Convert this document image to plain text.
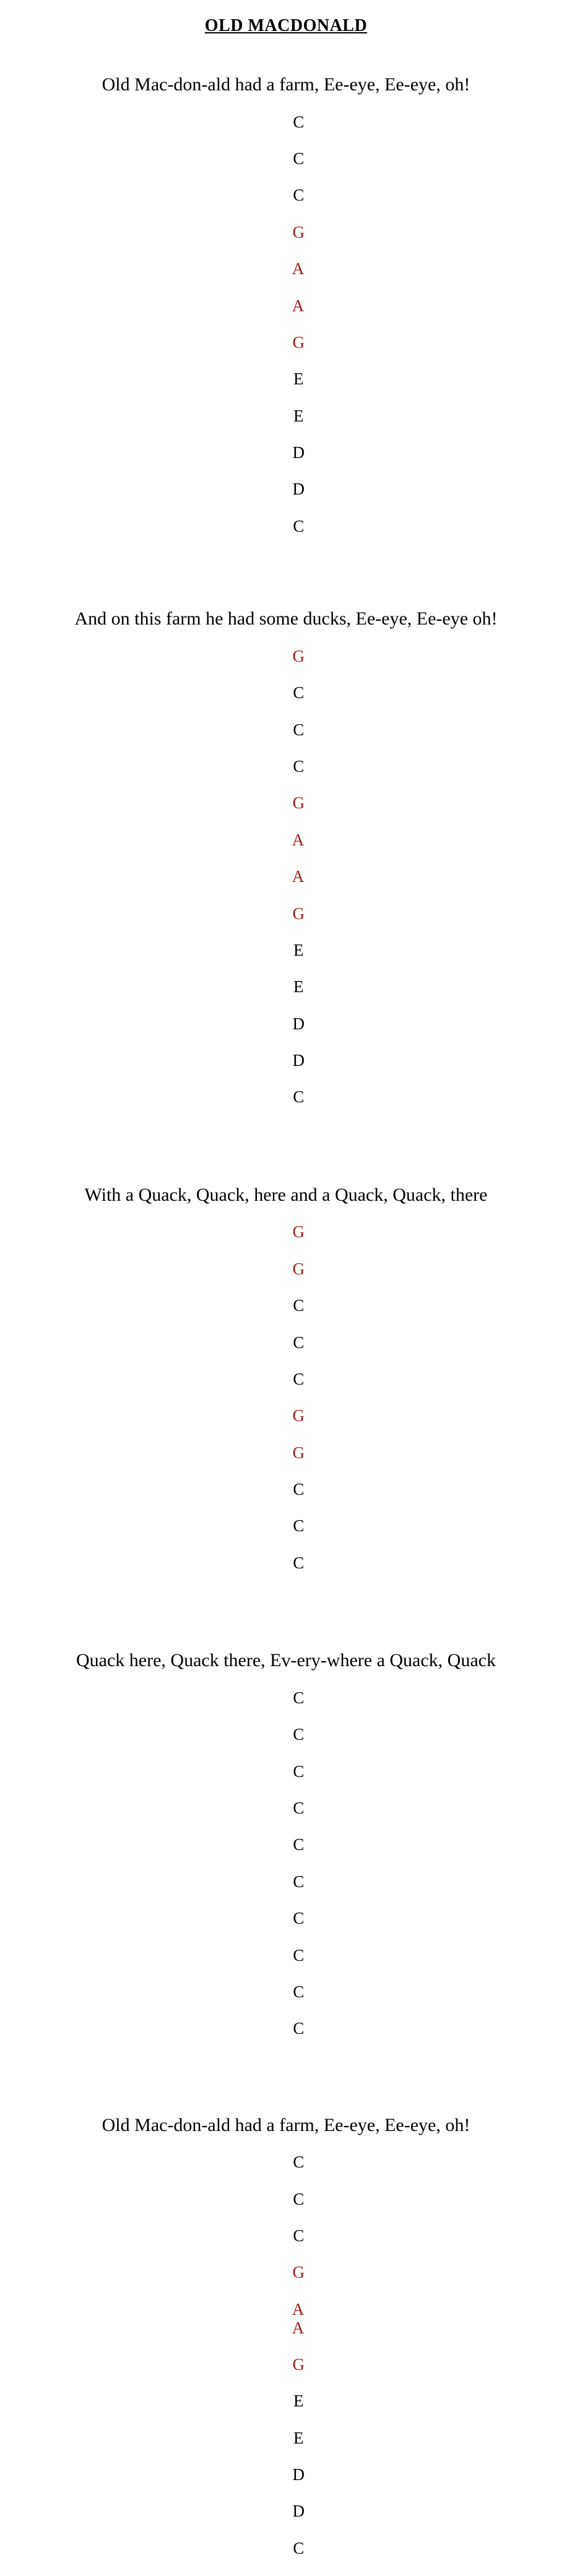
OLD MACDONALD
Old Mac-don-ald had a farm, Ee-eye, Ee-eye, oh!

C

C

C

G

A

A

G

E

E

D

D

C

And on this farm he had some ducks, Ee-eye, Ee-eye oh!

G

C

C

C

G

A

A

G

E

E

D

D

C

With a Quack, Quack, here and a Quack, Quack, there

G

G

C

C

C

G

G

C

C

C

Quack here, Quack there, Ev-ery-where a Quack, Quack

C

C

C

C

C

C

C

C

C

C

Old Mac-don-ald had a farm, Ee-eye, Ee-eye, oh!

C

C

C

G

A
A

G

E

E

D

D

C
